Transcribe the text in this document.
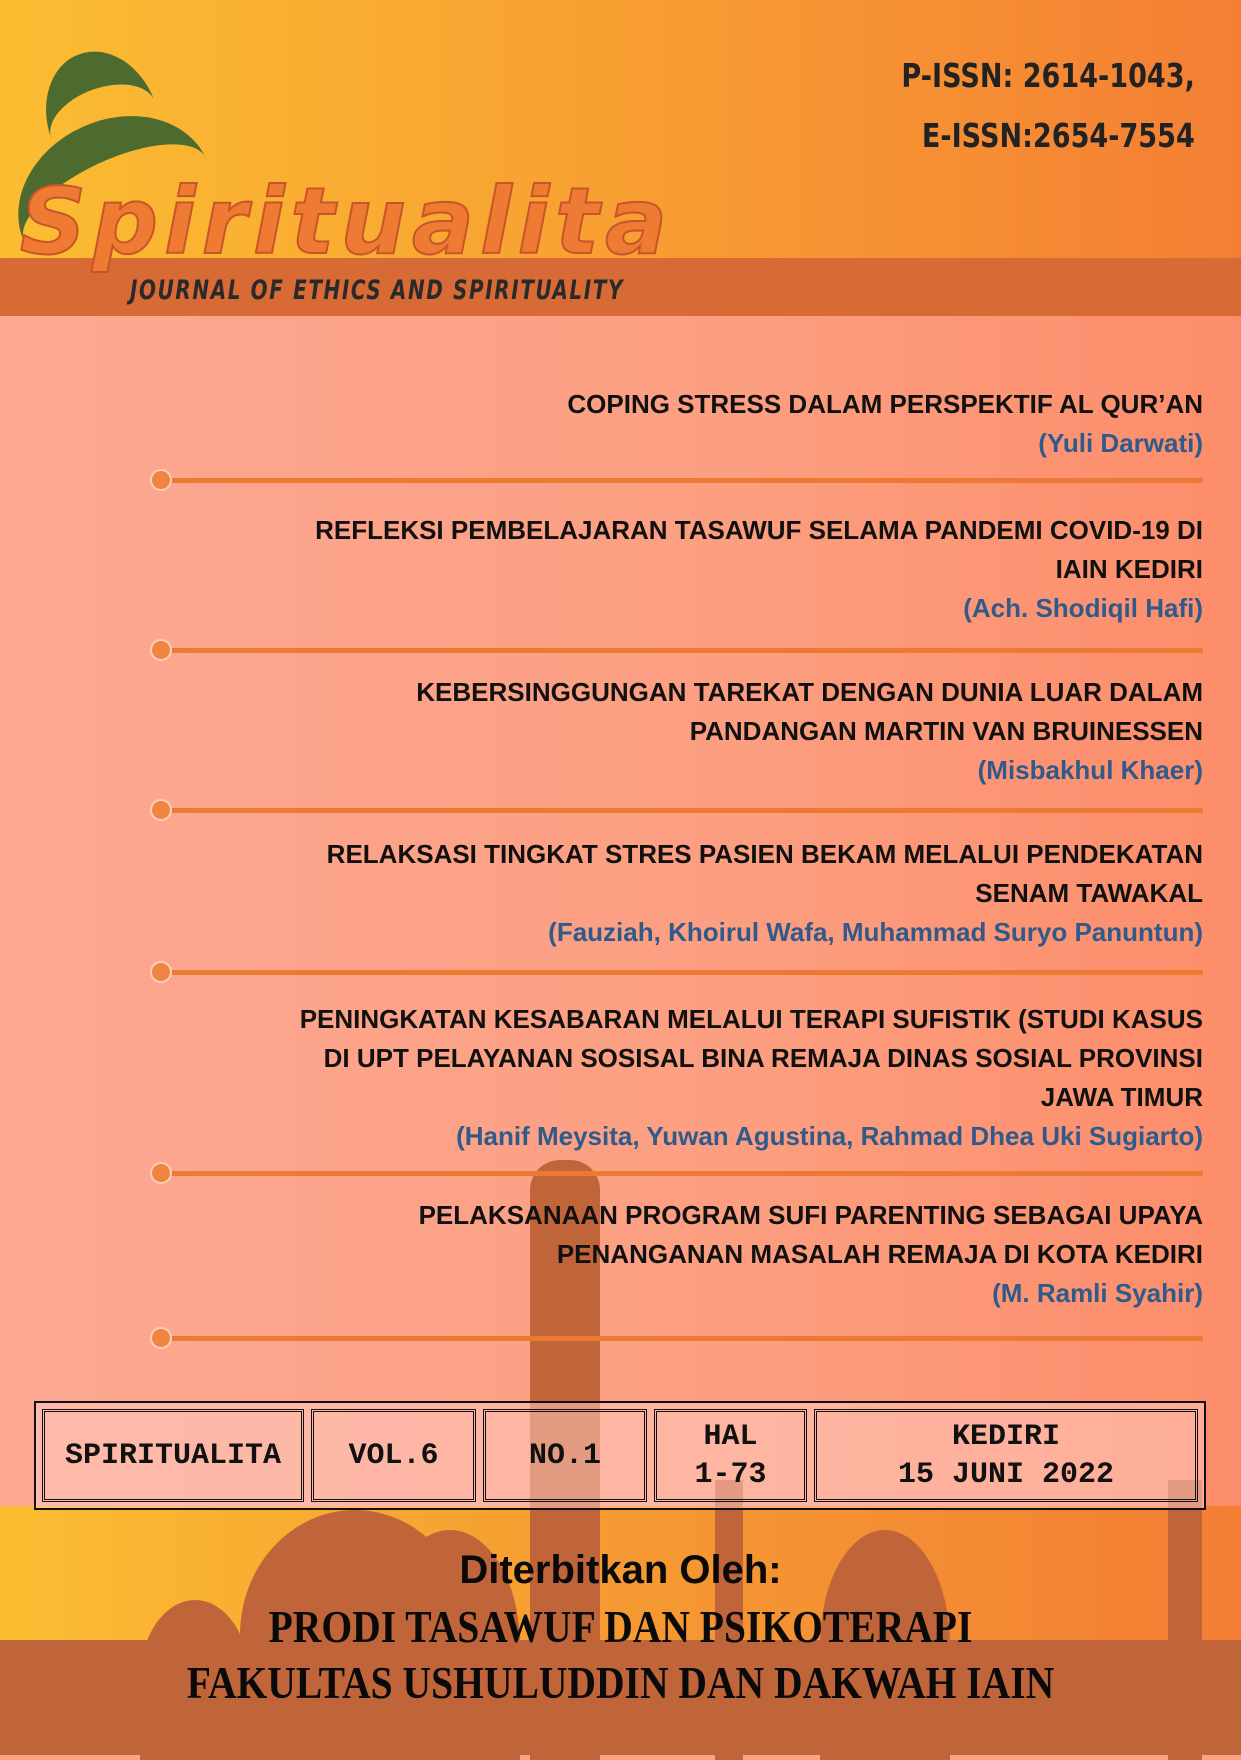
Spiritualita
JOURNAL OF ETHICS AND SPIRITUALITY
P-ISSN: 2614-1043,
E-ISSN:2654-7554
COPING STRESS DALAM PERSPEKTIF AL QUR’AN
(Yuli Darwati)
REFLEKSI PEMBELAJARAN TASAWUF SELAMA PANDEMI COVID-19 DI
IAIN KEDIRI
(Ach. Shodiqil Hafi)
KEBERSINGGUNGAN TAREKAT DENGAN DUNIA LUAR DALAM
PANDANGAN MARTIN VAN BRUINESSEN
(Misbakhul Khaer)
RELAKSASI TINGKAT STRES PASIEN BEKAM MELALUI PENDEKATAN
SENAM TAWAKAL
(Fauziah, Khoirul Wafa, Muhammad Suryo Panuntun)
PENINGKATAN KESABARAN MELALUI TERAPI SUFISTIK (STUDI KASUS
DI UPT PELAYANAN SOSISAL BINA REMAJA DINAS SOSIAL PROVINSI
JAWA TIMUR
(Hanif Meysita, Yuwan Agustina, Rahmad Dhea Uki Sugiarto)
PELAKSANAAN PROGRAM SUFI PARENTING SEBAGAI UPAYA
PENANGANAN MASALAH REMAJA DI KOTA KEDIRI
(M. Ramli Syahir)
SPIRITUALITA VOL.6	NO.1
HAL
1-73
KEDIRI
15 JUNI 2022
Diterbitkan Oleh:
PRODI TASAWUF DAN PSIKOTERAPI
FAKULTAS USHULUDDIN DAN DAKWAH IAIN
